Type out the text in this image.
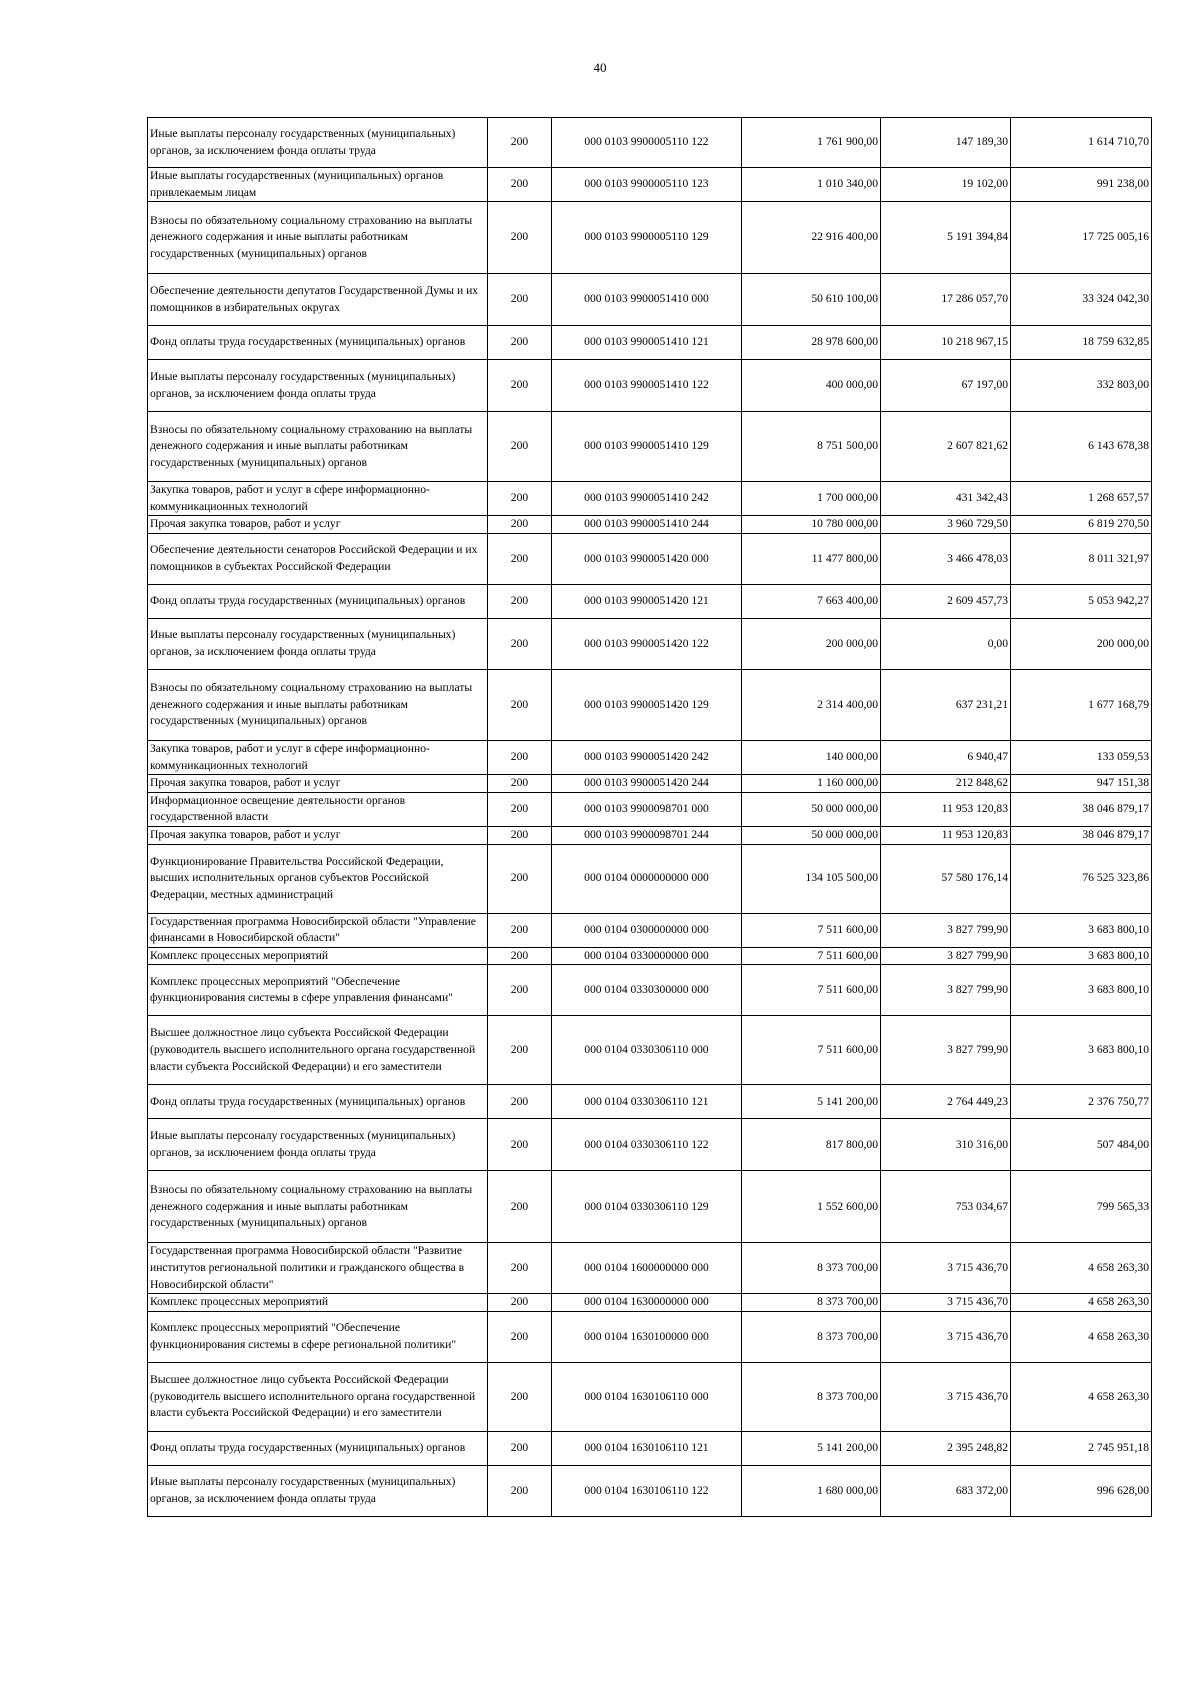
40
Иные выплаты персоналу государственных (муниципальных) органов, за исключением фонда оплаты труда	200	000 0103 9900005110 122	1 761 900,00	147 189,30	1 614 710,70
Иные выплаты государственных (муниципальных) органов привлекаемым лицам	200	000 0103 9900005110 123	1 010 340,00	19 102,00	991 238,00
Взносы по обязательному социальному страхованию на выплаты денежного содержания и иные выплаты работникам государственных (муниципальных) органов	200	000 0103 9900005110 129	22 916 400,00	5 191 394,84	17 725 005,16
Обеспечение деятельности депутатов Государственной Думы и их помощников в избирательных округах	200	000 0103 9900051410 000	50 610 100,00	17 286 057,70	33 324 042,30
Фонд оплаты труда государственных (муниципальных) органов	200	000 0103 9900051410 121	28 978 600,00	10 218 967,15	18 759 632,85
Иные выплаты персоналу государственных (муниципальных) органов, за исключением фонда оплаты труда	200	000 0103 9900051410 122	400 000,00	67 197,00	332 803,00
Взносы по обязательному социальному страхованию на выплаты денежного содержания и иные выплаты работникам государственных (муниципальных) органов	200	000 0103 9900051410 129	8 751 500,00	2 607 821,62	6 143 678,38
Закупка товаров, работ и услуг в сфере информационно-коммуникационных технологий	200	000 0103 9900051410 242	1 700 000,00	431 342,43	1 268 657,57
Прочая закупка товаров, работ и услуг	200	000 0103 9900051410 244	10 780 000,00	3 960 729,50	6 819 270,50
Обеспечение деятельности сенаторов Российской Федерации и их помощников в субъектах Российской Федерации	200	000 0103 9900051420 000	11 477 800,00	3 466 478,03	8 011 321,97
Фонд оплаты труда государственных (муниципальных) органов	200	000 0103 9900051420 121	7 663 400,00	2 609 457,73	5 053 942,27
Иные выплаты персоналу государственных (муниципальных) органов, за исключением фонда оплаты труда	200	000 0103 9900051420 122	200 000,00	0,00	200 000,00
Взносы по обязательному социальному страхованию на выплаты денежного содержания и иные выплаты работникам государственных (муниципальных) органов	200	000 0103 9900051420 129	2 314 400,00	637 231,21	1 677 168,79
Закупка товаров, работ и услуг в сфере информационно-коммуникационных технологий	200	000 0103 9900051420 242	140 000,00	6 940,47	133 059,53
Прочая закупка товаров, работ и услуг	200	000 0103 9900051420 244	1 160 000,00	212 848,62	947 151,38
Информационное освещение деятельности органов государственной власти	200	000 0103 9900098701 000	50 000 000,00	11 953 120,83	38 046 879,17
Прочая закупка товаров, работ и услуг	200	000 0103 9900098701 244	50 000 000,00	11 953 120,83	38 046 879,17
Функционирование Правительства Российской Федерации, высших исполнительных органов субъектов Российской Федерации, местных администраций	200	000 0104 0000000000 000	134 105 500,00	57 580 176,14	76 525 323,86
Государственная программа Новосибирской области "Управление финансами в Новосибирской области"	200	000 0104 0300000000 000	7 511 600,00	3 827 799,90	3 683 800,10
Комплекс процессных мероприятий	200	000 0104 0330000000 000	7 511 600,00	3 827 799,90	3 683 800,10
Комплекс процессных мероприятий "Обеспечение функционирования системы в сфере управления финансами"	200	000 0104 0330300000 000	7 511 600,00	3 827 799,90	3 683 800,10
Высшее должностное лицо субъекта Российской Федерации (руководитель высшего исполнительного органа государственной власти субъекта Российской Федерации) и его заместители	200	000 0104 0330306110 000	7 511 600,00	3 827 799,90	3 683 800,10
Фонд оплаты труда государственных (муниципальных) органов	200	000 0104 0330306110 121	5 141 200,00	2 764 449,23	2 376 750,77
Иные выплаты персоналу государственных (муниципальных) органов, за исключением фонда оплаты труда	200	000 0104 0330306110 122	817 800,00	310 316,00	507 484,00
Взносы по обязательному социальному страхованию на выплаты денежного содержания и иные выплаты работникам государственных (муниципальных) органов	200	000 0104 0330306110 129	1 552 600,00	753 034,67	799 565,33
Государственная программа Новосибирской области "Развитие институтов региональной политики и гражданского общества в Новосибирской области"	200	000 0104 1600000000 000	8 373 700,00	3 715 436,70	4 658 263,30
Комплекс процессных мероприятий	200	000 0104 1630000000 000	8 373 700,00	3 715 436,70	4 658 263,30
Комплекс процессных мероприятий "Обеспечение функционирования системы в сфере региональной политики"	200	000 0104 1630100000 000	8 373 700,00	3 715 436,70	4 658 263,30
Высшее должностное лицо субъекта Российской Федерации (руководитель высшего исполнительного органа государственной власти субъекта Российской Федерации) и его заместители	200	000 0104 1630106110 000	8 373 700,00	3 715 436,70	4 658 263,30
Фонд оплаты труда государственных (муниципальных) органов	200	000 0104 1630106110 121	5 141 200,00	2 395 248,82	2 745 951,18
Иные выплаты персоналу государственных (муниципальных) органов, за исключением фонда оплаты труда	200	000 0104 1630106110 122	1 680 000,00	683 372,00	996 628,00
